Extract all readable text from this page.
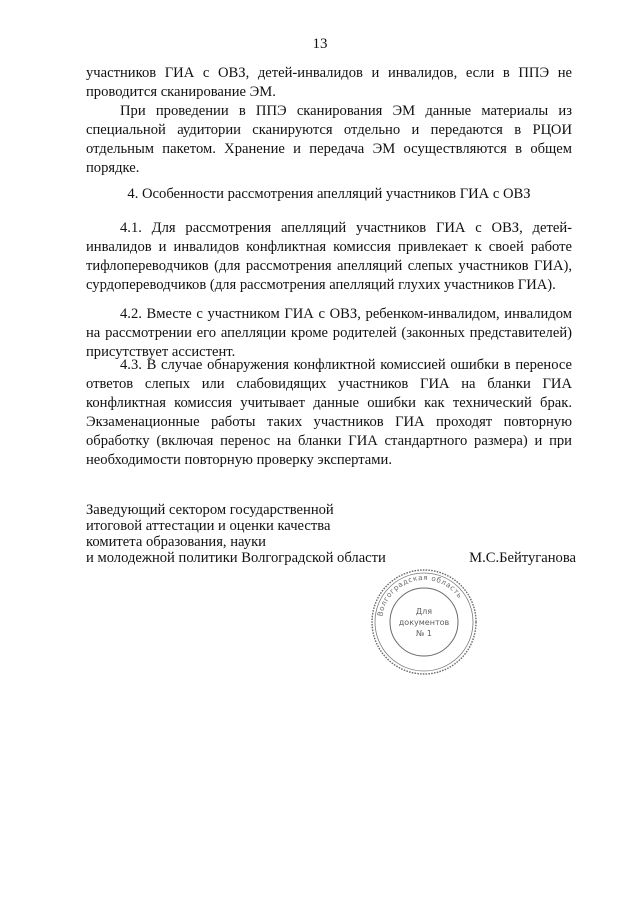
13

участников ГИА с ОВЗ, детей-инвалидов и инвалидов, если в ППЭ не проводится сканирование ЭМ.

При проведении в ППЭ сканирования ЭМ данные материалы из специальной аудитории сканируются отдельно и передаются в РЦОИ отдельным пакетом. Хранение и передача ЭМ осуществляются в общем порядке.

4. Особенности рассмотрения апелляций участников ГИА с ОВЗ

4.1. Для рассмотрения апелляций участников ГИА с ОВЗ, детей-инвалидов и инвалидов конфликтная комиссия привлекает к своей работе тифлопереводчиков (для рассмотрения апелляций слепых участников ГИА), сурдопереводчиков (для рассмотрения апелляций глухих участников ГИА).

4.2. Вместе с участником ГИА с ОВЗ, ребенком-инвалидом, инвалидом на рассмотрении его апелляции кроме родителей (законных представителей) присутствует ассистент.

4.3. В случае обнаружения конфликтной комиссией ошибки в переносе ответов слепых или слабовидящих участников ГИА на бланки ГИА конфликтная комиссия учитывает данные ошибки как технический брак. Экзаменационные работы таких участников ГИА проходят повторную обработку (включая перенос на бланки ГИА стандартного размера) и при необходимости повторную проверку экспертами.

Заведующий сектором государственной
итоговой аттестации и оценки качества
комитета образования, науки
и молодежной политики Волгоградской области	М.С.Бейтуганова
Волгоградская область
Для
документов
№ 1
